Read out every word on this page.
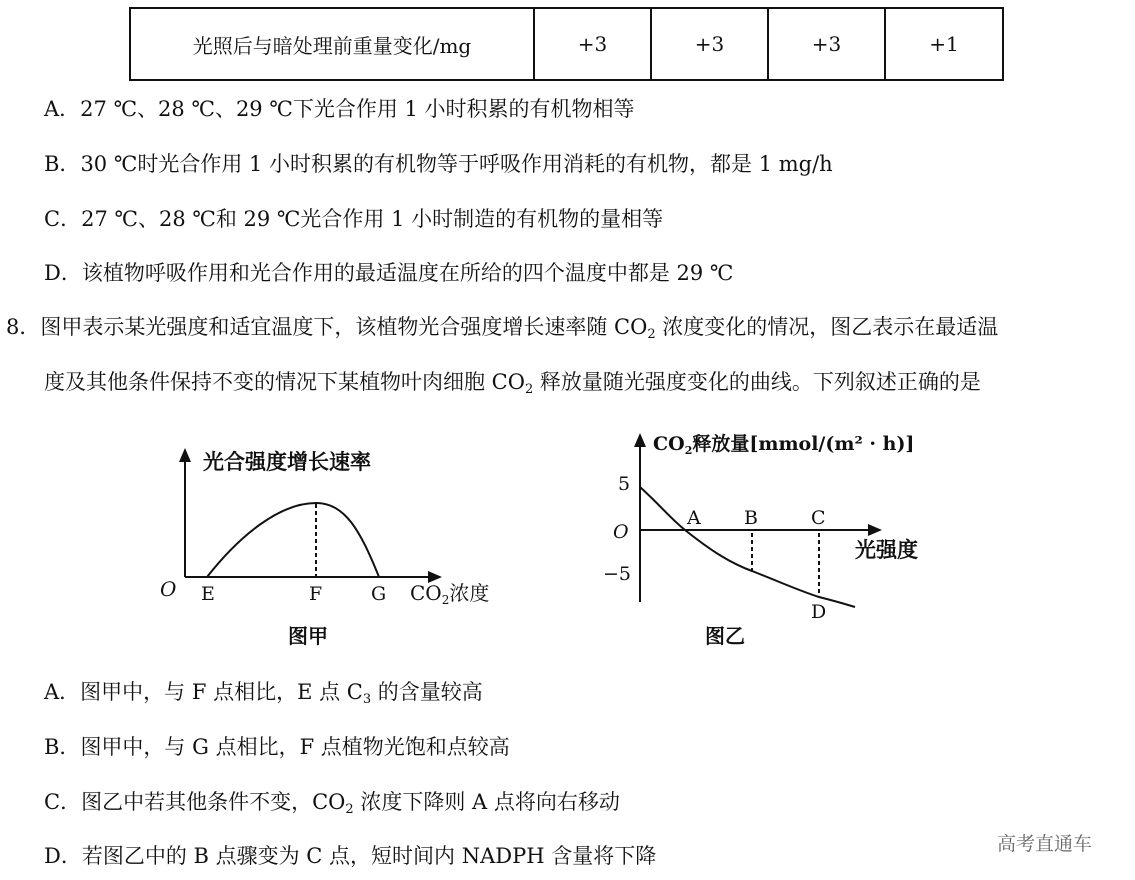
光照后与暗处理前重量变化/mg	+3	+3	+3	+1
A．27 ℃、28 ℃、29 ℃下光合作用 1 小时积累的有机物相等
B．30 ℃时光合作用 1 小时积累的有机物等于呼吸作用消耗的有机物，都是 1 mg/h
C．27 ℃、28 ℃和 29 ℃光合作用 1 小时制造的有机物的量相等
D．该植物呼吸作用和光合作用的最适温度在所给的四个温度中都是 29 ℃
8．图甲表示某光强度和适宜温度下，该植物光合强度增长速率随 $CO_2$ 浓度变化的情况，图乙表示在最适温
度及其他条件保持不变的情况下某植物叶肉细胞 $CO_2$ 释放量随光强度变化的曲线。下列叙述正确的是
光合强度增长速率
O E	F	G $CO_2$浓度
图甲
$CO_2$释放量[mmol/(m² · h)]
5
O
−5
A B	C
D
光强度
图乙
A．图甲中，与 F 点相比，E 点 $C_3$ 的含量较高
B．图甲中，与 G 点相比，F 点植物光饱和点较高
C．图乙中若其他条件不变，$CO_2$ 浓度下降则 A 点将向右移动
D．若图乙中的 B 点骤变为 C 点，短时间内 NADPH 含量将下降	高考直通车
